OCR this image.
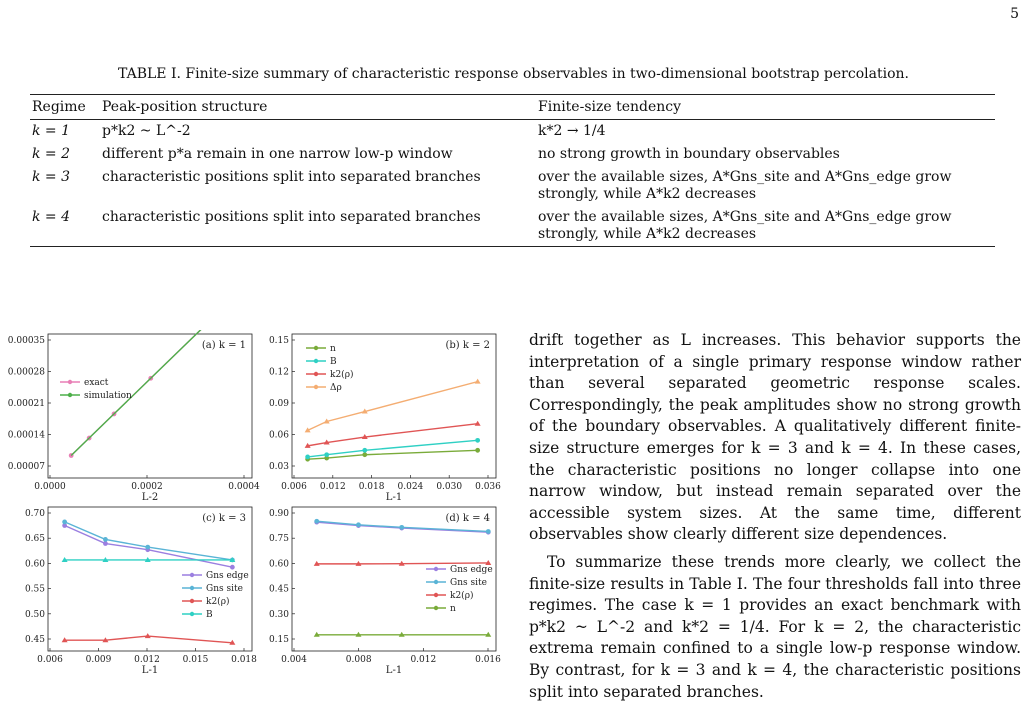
5
TABLE I. Finite-size summary of characteristic response observables in two-dimensional bootstrap percolation.
Regime	Peak-position structure	Finite-size tendency
k = 1	p*k2 ~ L^-2	k*2 → 1/4
k = 2	different p*a remain in one narrow low-p window	no strong growth in boundary observables
k = 3	characteristic positions split into separated branches	over the available sizes, A*Gns_site and A*Gns_edge grow strongly, while A*k2 decreases
k = 4	characteristic positions split into separated branches	over the available sizes, A*Gns_site and A*Gns_edge grow strongly, while A*k2 decreases
0.0000	0.0002	0.0004
0.00007
0.00014
0.00021
0.00028
0.00035
L-2
(a) k = 1
exact
simulation
0.006 0.012 0.018 0.024 0.030 0.036
0.03
0.06
0.09
0.12
0.15
L-1
(b) k = 2
n
B
k2(ρ)
Δρ
0.006	0.009	0.012	0.015	0.018
0.45
0.50
0.55
0.60
0.65
0.70
L-1
(c) k = 3
Gns edge
Gns site
k2(ρ)
B
0.004	0.008	0.012	0.016
0.15
0.30
0.45
0.60
0.75
0.90
L-1
(d) k = 4
Gns edge
Gns site
k2(ρ)
n

drift together as L increases. This behavior supports the interpretation of a single primary response window rather than several separated geometric response scales. Correspondingly, the peak amplitudes show no strong growth of the boundary observables. A qualitatively different finite-size structure emerges for k = 3 and k = 4. In these cases, the characteristic positions no longer collapse into one narrow window, but instead remain separated over the accessible system sizes. At the same time, different observables show clearly different size dependences.

To summarize these trends more clearly, we collect the finite-size results in Table I. The four thresholds fall into three regimes. The case k = 1 provides an exact benchmark with p*k2 ~ L^-2 and k*2 = 1/4. For k = 2, the characteristic extrema remain confined to a single low-p response window. By contrast, for k = 3 and k = 4, the characteristic positions split into separated branches.
